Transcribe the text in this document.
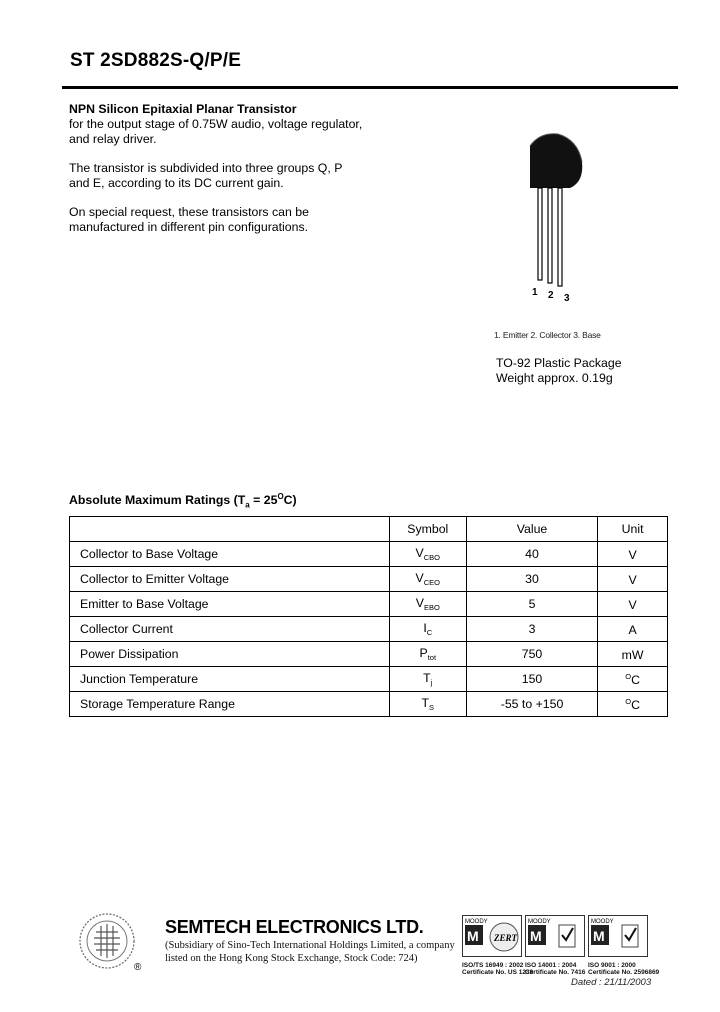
ST 2SD882S-Q/P/E

NPN Silicon Epitaxial Planar Transistor
for the output stage of 0.75W audio, voltage regulator,
and relay driver.

The transistor is subdivided into three groups Q, P
and E, according to its DC current gain.

On special request, these transistors can be
manufactured in different pin configurations.

1 2 3
1. Emitter 2. Collector 3. Base
TO-92 Plastic Package
Weight approx. 0.19g
Absolute Maximum Ratings $(T_a = 25^OC)$
	Symbol	Value	Unit
Collector to Base Voltage	$V_{CBO}$	40	V
Collector to Emitter Voltage	$V_{CEO}$	30	V
Emitter to Base Voltage	$V_{EBO}$	5	V
Collector Current	$I_C$	3	A
Power Dissipation	$P_{tot}$	750	mW
Junction Temperature	$T_j$	150	$^O$C
Storage Temperature Range	$T_S$	-55 to +150	$^O$C
®
SEMTECH ELECTRONICS LTD.
(Subsidiary of Sino-Tech International Holdings Limited, a company
listed on the Hong Kong Stock Exchange, Stock Code: 724)
MOODY
M ZERT
ISO/TS 16949 : 2002
Certificate No. US 1238
MOODY
M
ISO 14001 : 2004
Certificate No. 7416
MOODY
M
ISO 9001 : 2000
Certificate No. 2596869
Dated : 21/11/2003
